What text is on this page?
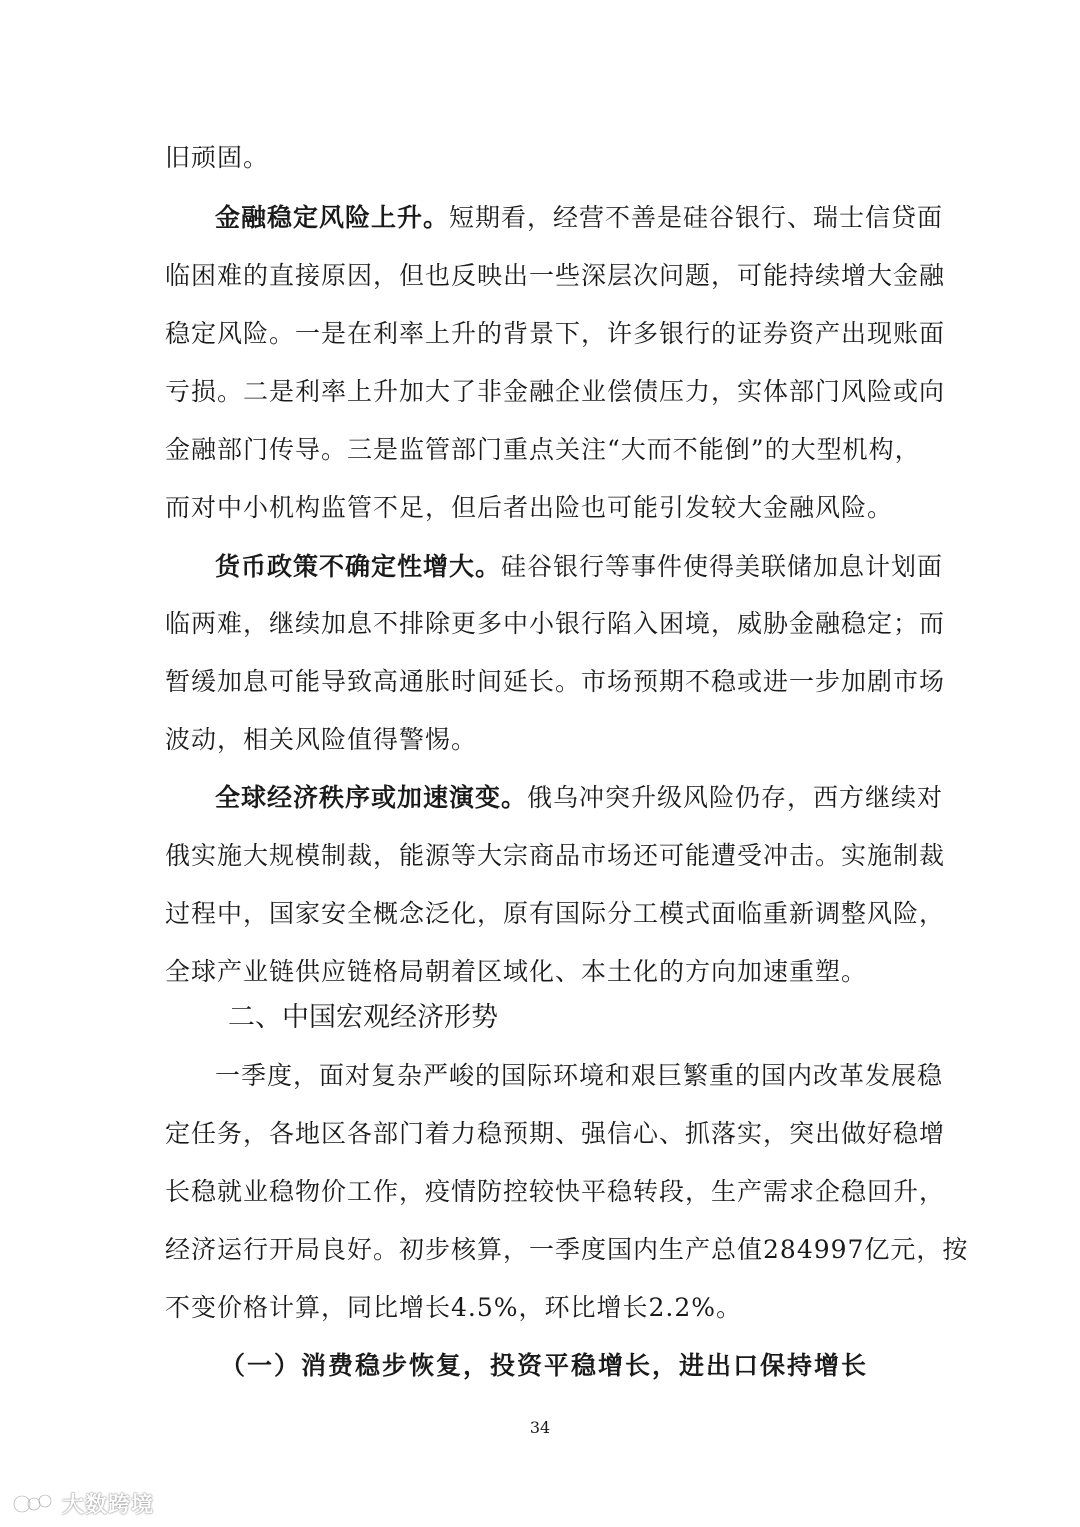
旧顽固。
金融稳定风险上升。短期看，经营不善是硅谷银行、瑞士信贷面
临困难的直接原因，但也反映出一些深层次问题，可能持续增大金融
稳定风险。一是在利率上升的背景下，许多银行的证券资产出现账面
亏损。二是利率上升加大了非金融企业偿债压力，实体部门风险或向
金融部门传导。三是监管部门重点关注“大而不能倒”的大型机构，
而对中小机构监管不足，但后者出险也可能引发较大金融风险。
货币政策不确定性增大。硅谷银行等事件使得美联储加息计划面
临两难，继续加息不排除更多中小银行陷入困境，威胁金融稳定；而
暂缓加息可能导致高通胀时间延长。市场预期不稳或进一步加剧市场
波动，相关风险值得警惕。
全球经济秩序或加速演变。俄乌冲突升级风险仍存，西方继续对
俄实施大规模制裁，能源等大宗商品市场还可能遭受冲击。实施制裁
过程中，国家安全概念泛化，原有国际分工模式面临重新调整风险，
全球产业链供应链格局朝着区域化、本土化的方向加速重塑。
二、中国宏观经济形势
一季度，面对复杂严峻的国际环境和艰巨繁重的国内改革发展稳
定任务，各地区各部门着力稳预期、强信心、抓落实，突出做好稳增
长稳就业稳物价工作，疫情防控较快平稳转段，生产需求企稳回升，
经济运行开局良好。初步核算，一季度国内生产总值284997亿元，按
不变价格计算，同比增长4.5%，环比增长2.2%。
（一）消费稳步恢复，投资平稳增长，进出口保持增长
34
大数跨境
